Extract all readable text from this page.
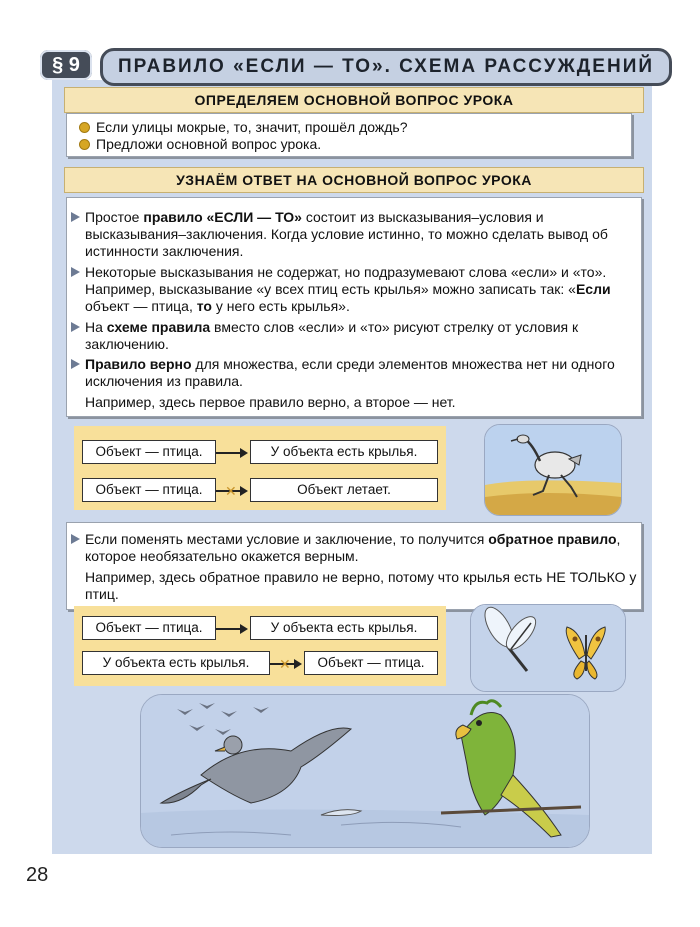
§ 9	ПРАВИЛО «ЕСЛИ — ТО». СХЕМА РАССУЖДЕНИЙ
ОПРЕДЕЛЯЕМ ОСНОВНОЙ ВОПРОС УРОКА
Если улицы мокрые, то, значит, прошёл дождь?
Предложи основной вопрос урока.
УЗНАЁМ ОТВЕТ НА ОСНОВНОЙ ВОПРОС УРОКА
Простое правило «ЕСЛИ — ТО» состоит из высказывания–условия и высказывания–заключения. Когда условие истинно, то можно сделать вывод об истинности заключения.
Некоторые высказывания не содержат, но подразумевают слова «если» и «то». Например, высказывание «у всех птиц есть крылья» можно записать так: «Если объект — птица, то у него есть крылья».
На схеме правила вместо слов «если» и «то» рисуют стрелку от условия к заключению.
Правило верно для множества, если среди элементов множества нет ни одного исключения из правила.
Например, здесь первое правило верно, а второе — нет.
Объект — птица.	У объекта есть крылья.
Объект — птица.	✕	Объект летает.
Если поменять местами условие и заключение, то получится обратное правило, которое необязательно окажется верным.
Например, здесь обратное правило не верно, потому что крылья есть НЕ ТОЛЬКО у птиц.
Объект — птица.	У объекта есть крылья.
У объекта есть крылья.	✕	Объект — птица.
28
